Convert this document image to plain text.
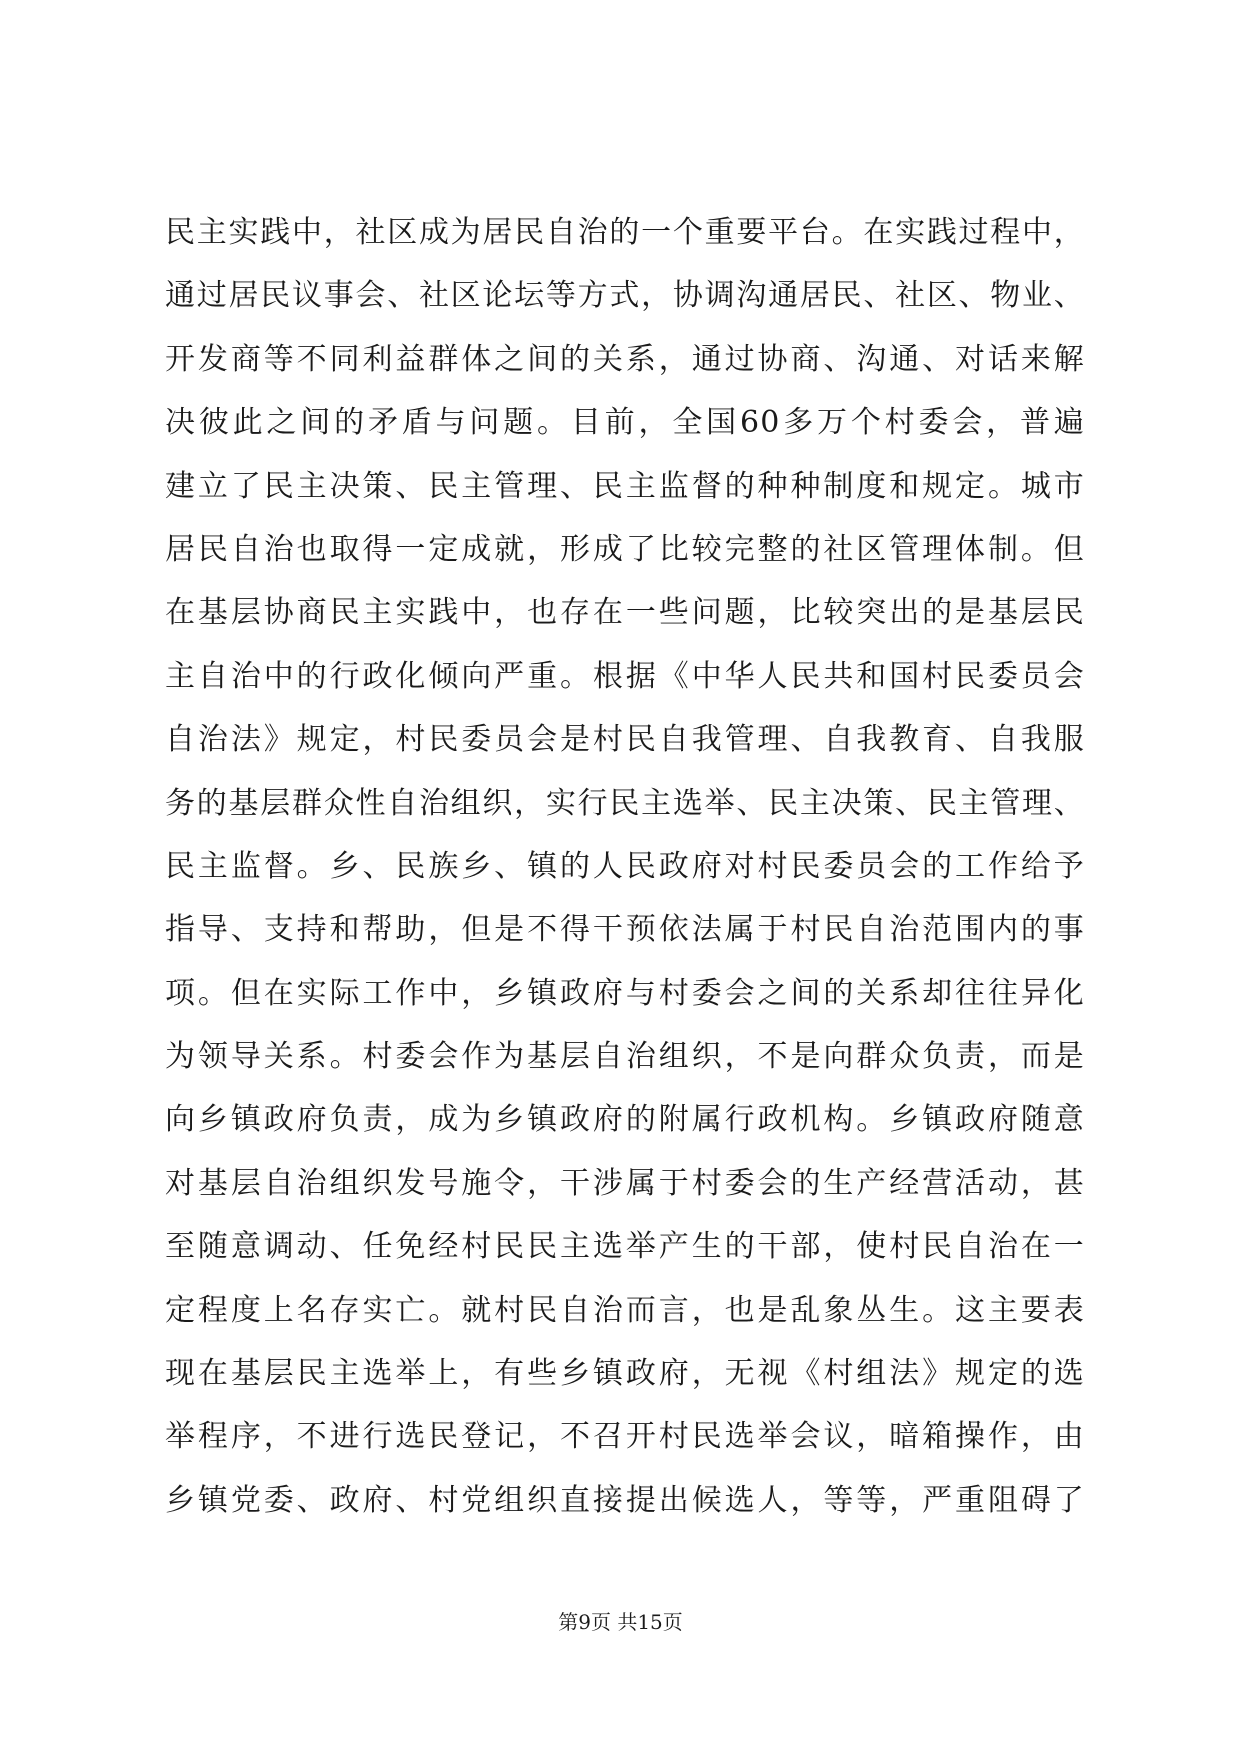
民主实践中，社区成为居民自治的一个重要平台。在实践过程中，
通过居民议事会、社区论坛等方式，协调沟通居民、社区、物业、
开发商等不同利益群体之间的关系，通过协商、沟通、对话来解
决彼此之间的矛盾与问题。目前，全国60多万个村委会，普遍
建立了民主决策、民主管理、民主监督的种种制度和规定。城市
居民自治也取得一定成就，形成了比较完整的社区管理体制。但
在基层协商民主实践中，也存在一些问题，比较突出的是基层民
主自治中的行政化倾向严重。根据《中华人民共和国村民委员会
自治法》规定，村民委员会是村民自我管理、自我教育、自我服
务的基层群众性自治组织，实行民主选举、民主决策、民主管理、
民主监督。乡、民族乡、镇的人民政府对村民委员会的工作给予
指导、支持和帮助，但是不得干预依法属于村民自治范围内的事
项。但在实际工作中，乡镇政府与村委会之间的关系却往往异化
为领导关系。村委会作为基层自治组织，不是向群众负责，而是
向乡镇政府负责，成为乡镇政府的附属行政机构。乡镇政府随意
对基层自治组织发号施令，干涉属于村委会的生产经营活动，甚
至随意调动、任免经村民民主选举产生的干部，使村民自治在一
定程度上名存实亡。就村民自治而言，也是乱象丛生。这主要表
现在基层民主选举上，有些乡镇政府，无视《村组法》规定的选
举程序，不进行选民登记，不召开村民选举会议，暗箱操作，由
乡镇党委、政府、村党组织直接提出候选人，等等，严重阻碍了
第9页 共15页
